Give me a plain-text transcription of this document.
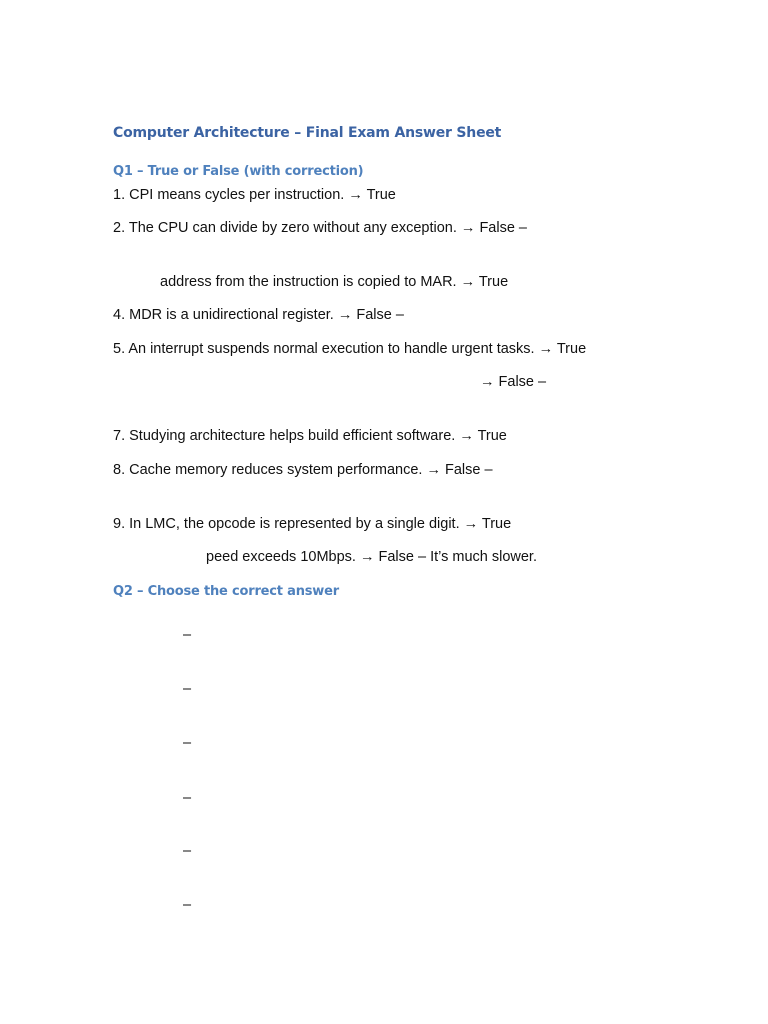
Computer Architecture – Final Exam Answer Sheet
Q1 – True or False (with correction)
1. CPI means cycles per instruction. → True
2. The CPU can divide by zero without any exception. → False –
address from the instruction is copied to MAR. → True
4. MDR is a unidirectional register. → False –
5. An interrupt suspends normal execution to handle urgent tasks. → True
→ False –
7. Studying architecture helps build efficient software. → True
8. Cache memory reduces system performance. → False –
9. In LMC, the opcode is represented by a single digit. → True
peed exceeds 10Mbps. → False – It’s much slower.
Q2 – Choose the correct answer
–
–
–
–
–
–
